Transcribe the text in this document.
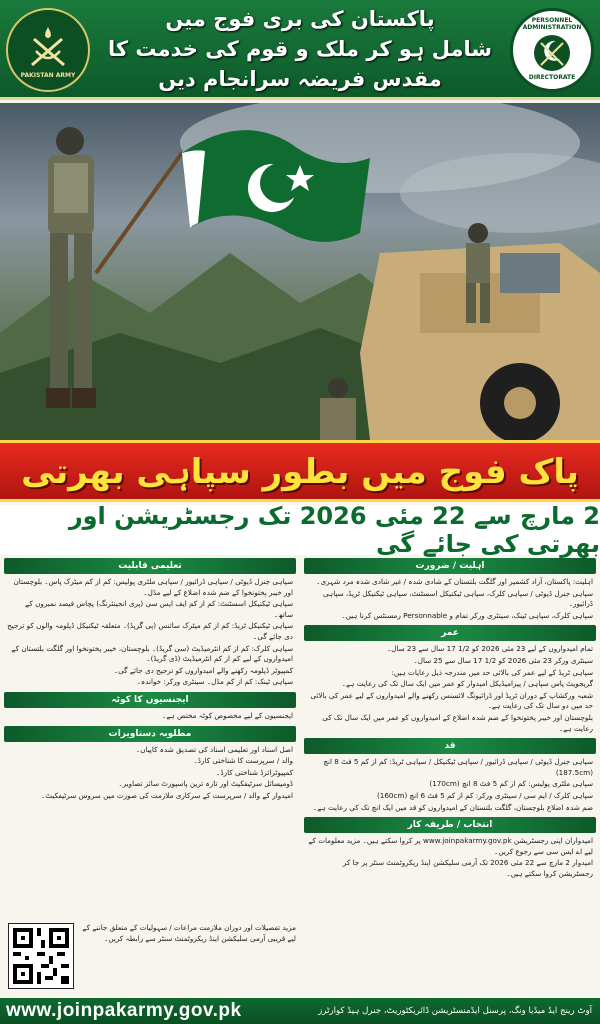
PAKISTAN ARMY
پاکستان کی بری فوج میں
شامل ہو کر ملک و قوم کی خدمت کا
مقدس فریضہ سرانجام دیں
PERSONNEL ADMINISTRATION
DIRECTORATE
پاک فوج میں بطور سپاہی بھرتی
2 مارچ سے 22 مئی 2026 تک رجسٹریشن اور بھرتی کی جائے گی
اہلیت / ضرورت

اہلیت: پاکستان، آزاد کشمیر اور گلگت بلتستان کے شادی شدہ / غیر شادی شدہ مرد شہری۔

سپاہی جنرل ڈیوٹی / سپاہی کلرک، سپاہی ٹیکنیکل اسسٹنٹ، سپاہی ٹیکنیکل ٹریڈ، سپاہی ڈرائیور۔

سپاہی کلرک، سپاہی ٹینک، سینٹری ورکر تمام و Personnable رمسنٹس کرنا ہیں۔

عمر

تمام امیدواروں کے لیے 23 مئی 2026 کو 1/2 17 سال سے 23 سال۔

سینٹری ورکر 23 مئی 2026 کو 1/2 17 سال سے 25 سال۔

سپاہی ٹریڈ کے لیے عمر کی بالائی حد میں مندرجہ ذیل رعایات ہیں:

گریجویٹ پاس سپاہی / پیرامیڈیکل امیدوار کو عمر میں ایک سال تک کی رعایت ہے۔

شعبہ ورکشاپ کے دوران ٹریڈ اور ڈرائیونگ لائسنس رکھنے والے امیدواروں کے لیے عمر کی بالائی حد میں دو سال تک کی رعایت ہے۔

بلوچستان اور خیبر پختونخوا کے ضم شدہ اضلاع کے امیدواروں کو عمر میں ایک سال تک کی رعایت ہے۔

قد

سپاہی جنرل ڈیوٹی / سپاہی ڈرائیور / سپاہی ٹیکنیکل / سپاہی ٹریڈ: کم از کم 5 فٹ 8 انچ (187.5cm)

سپاہی ملٹری پولیس: کم از کم 5 فٹ 8 انچ (170cm)

سپاہی کلرک / ایم سی / سینٹری ورکر: کم از کم 5 فٹ 6 انچ (160cm)

ضم شدہ اضلاع بلوچستان، گلگت بلتستان کے امیدواروں کو قد میں ایک انچ تک کی رعایت ہے۔

انتخاب / طریقہ کار

امیدواران اپنی رجسٹریشن www.joinpakarmy.gov.pk پر کروا سکتے ہیں۔ مزید معلومات کے لیے اے ایس سی سے رجوع کریں۔

امیدوار 2 مارچ سے 22 مئی 2026 تک آرمی سلیکشن اینڈ ریکروٹمنٹ سنٹر پر جا کر رجسٹریشن کروا سکتے ہیں۔

تعلیمی قابلیت

سپاہی جنرل ڈیوٹی / سپاہی ڈرائیور / سپاہی ملٹری پولیس: کم از کم میٹرک پاس۔ بلوچستان اور خیبر پختونخوا کے ضم شدہ اضلاع کے لیے مڈل۔

سپاہی ٹیکنیکل اسسٹنٹ: کم از کم ایف ایس سی (پری انجینئرنگ) پچاس فیصد نمبروں کے ساتھ۔

سپاہی ٹیکنیکل ٹریڈ: کم از کم میٹرک سائنس (پی گریڈ)۔ متعلقہ ٹیکنیکل ڈپلومہ والوں کو ترجیح دی جائے گی۔

سپاہی کلرک: کم از کم انٹرمیڈیٹ (سی گریڈ)۔ بلوچستان، خیبر پختونخوا اور گلگت بلتستان کے امیدواروں کے لیے کم از کم انٹرمیڈیٹ (ڈی گریڈ)۔

کمپیوٹر ڈپلومہ رکھنے والے امیدواروں کو ترجیح دی جائے گی۔

سپاہی ٹینک: کم از کم مڈل۔ سینٹری ورکر: خواندہ۔

ایجنسیوں کا کوٹہ

ایجنسیوں کے لیے مخصوص کوٹہ مختص ہے۔

مطلوبہ دستاویزات

اصل اسناد اور تعلیمی اسناد کی تصدیق شدہ کاپیاں۔

والد / سرپرست کا شناختی کارڈ۔

کمپیوٹرائزڈ شناختی کارڈ۔

ڈومیسائل سرٹیفکیٹ اور تازہ ترین پاسپورٹ سائز تصاویر۔

امیدوار کے والد / سرپرست کے سرکاری ملازمت کی صورت میں سروس سرٹیفکیٹ۔

مزید تفصیلات اور دوران ملازمت مراعات / سہولیات کے متعلق جاننے کے لیے قریبی آرمی سلیکشن اینڈ ریکروٹمنٹ سنٹر سے رابطہ کریں۔
www.joinpakarmy.gov.pk	آوٹ رینج ایڈ میڈیا ونگ، پرسنل ایڈمنسٹریشن ڈائریکٹوریٹ، جنرل ہیڈ کوارٹرز
